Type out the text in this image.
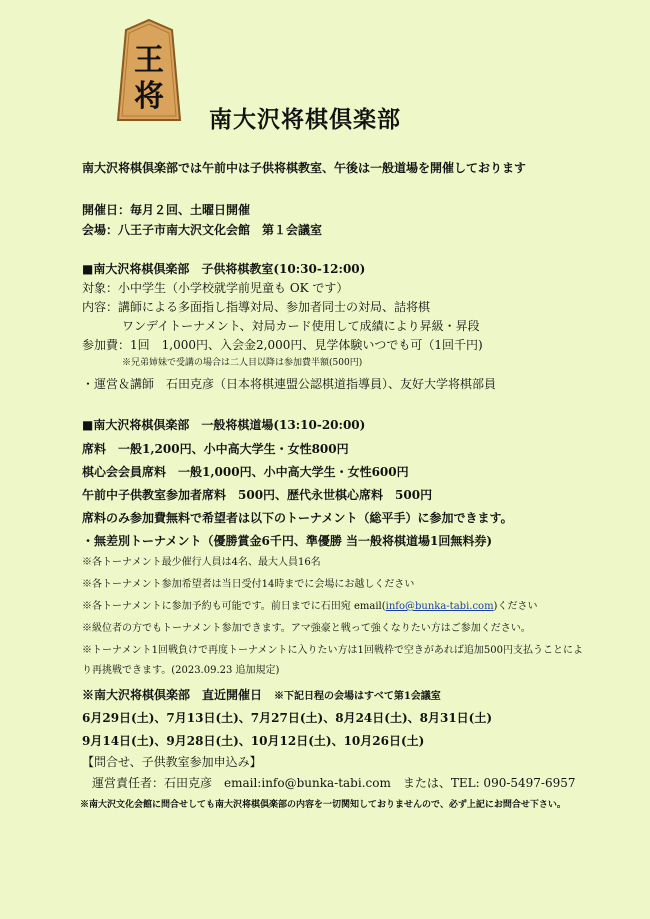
王
将
南大沢将棋倶楽部
南大沢将棋倶楽部では午前中は子供将棋教室、午後は一般道場を開催しております
開催日：毎月２回、土曜日開催
会場：八王子市南大沢文化会館　第１会議室
■南大沢将棋倶楽部　子供将棋教室(10:30-12:00)
対象：小中学生（小学校就学前児童も OK です）
内容：講師による多面指し指導対局、参加者同士の対局、詰将棋
ワンデイトーナメント、対局カード使用して成績により昇級・昇段
参加費：1回　1,000円、入会金2,000円、見学体験いつでも可（1回千円)
※兄弟姉妹で受講の場合は二人目以降は参加費半額(500円)
・運営＆講師　石田克彦（日本将棋連盟公認棋道指導員）、友好大学将棋部員
■南大沢将棋倶楽部　一般将棋道場(13:10-20:00)
席料　一般1,200円、小中高大学生・女性800円
棋心会会員席料　一般1,000円、小中高大学生・女性600円
午前中子供教室参加者席料　500円、歴代永世棋心席料　500円
席料のみ参加費無料で希望者は以下のトーナメント（総平手）に参加できます。
・無差別トーナメント（優勝賞金6千円、準優勝 当一般将棋道場1回無料券)
※各トーナメント最少催行人員は4名、最大人員16名
※各トーナメント参加希望者は当日受付14時までに会場にお越しください
※各トーナメントに参加予約も可能です。前日までに石田宛 email(info@bunka-tabi.com)ください
※級位者の方でもトーナメント参加できます。アマ強豪と戦って強くなりたい方はご参加ください。
※トーナメント1回戦負けで再度トーナメントに入りたい方は1回戦枠で空きがあれば追加500円支払うことによ
り再挑戦できます。(2023.09.23 追加規定)
※南大沢将棋倶楽部　直近開催日 ※下記日程の会場はすべて第1会議室
6月29日(土)、7月13日(土)、7月27日(土)、8月24日(土)、8月31日(土)
9月14日(土)、9月28日(土)、10月12日(土)、10月26日(土)
【問合せ、子供教室参加申込み】
運営責任者：石田克彦　email:info@bunka-tabi.com　または、TEL: 090-5497-6957
※南大沢文化会館に問合せしても南大沢将棋倶楽部の内容を一切関知しておりませんので、必ず上記にお問合せ下さい。
